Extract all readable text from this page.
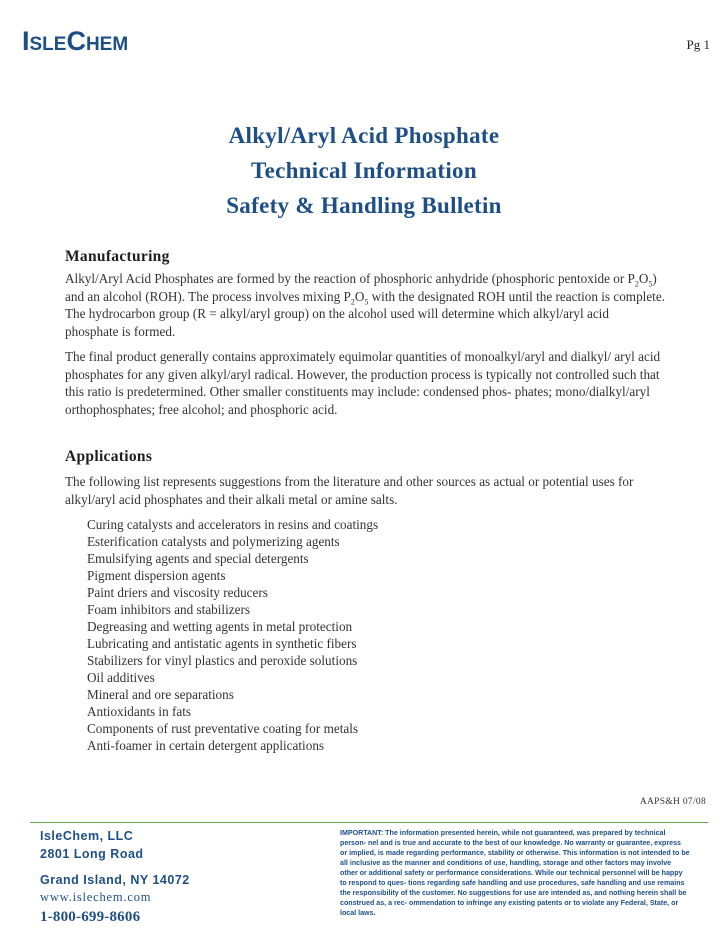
IsleChem	Pg 1
Alkyl/Aryl Acid Phosphate
Technical Information
Safety & Handling Bulletin
Manufacturing
Alkyl/Aryl Acid Phosphates are formed by the reaction of phosphoric anhydride (phosphoric pentoxide or $P_2O_5$) and an alcohol (ROH). The process involves mixing $P_2O_5$ with the designated ROH until the reaction is complete. The hydrocarbon group (R = alkyl/aryl group) on the alcohol used will determine which alkyl/aryl acid phosphate is formed.
The final product generally contains approximately equimolar quantities of monoalkyl/aryl and dialkyl/ aryl acid phosphates for any given alkyl/aryl radical. However, the production process is typically not controlled such that this ratio is predetermined. Other smaller constituents may include: condensed phos- phates; mono/dialkyl/aryl orthophosphates; free alcohol; and phosphoric acid.
Applications
The following list represents suggestions from the literature and other sources as actual or potential uses for alkyl/aryl acid phosphates and their alkali metal or amine salts.
Curing catalysts and accelerators in resins and coatings
Esterification catalysts and polymerizing agents
Emulsifying agents and special detergents
Pigment dispersion agents
Paint driers and viscosity reducers
Foam inhibitors and stabilizers
Degreasing and wetting agents in metal protection
Lubricating and antistatic agents in synthetic fibers
Stabilizers for vinyl plastics and peroxide solutions
Oil additives
Mineral and ore separations
Antioxidants in fats
Components of rust preventative coating for metals
Anti-foamer in certain detergent applications
AAPS&H 07/08
IsleChem, LLC
2801 Long Road
Grand Island, NY 14072
www.islechem.com
1-800-699-8606

IMPORTANT: The information presented herein, while not guaranteed, was prepared by technical person- nel and is true and accurate to the best of our knowledge. No warranty or guarantee, express or implied, is made regarding performance, stability or otherwise. This information is not intended to be all inclusive as the manner and conditions of use, handling, storage and other factors may involve other or additional safety or performance considerations. While our technical personnel will be happy to respond to ques- tions regarding safe handling and use procedures, safe handling and use remains the responsibility of the customer. No suggestions for use are intended as, and nothing herein shall be construed as, a rec- ommendation to infringe any existing patents or to violate any Federal, State, or local laws.
